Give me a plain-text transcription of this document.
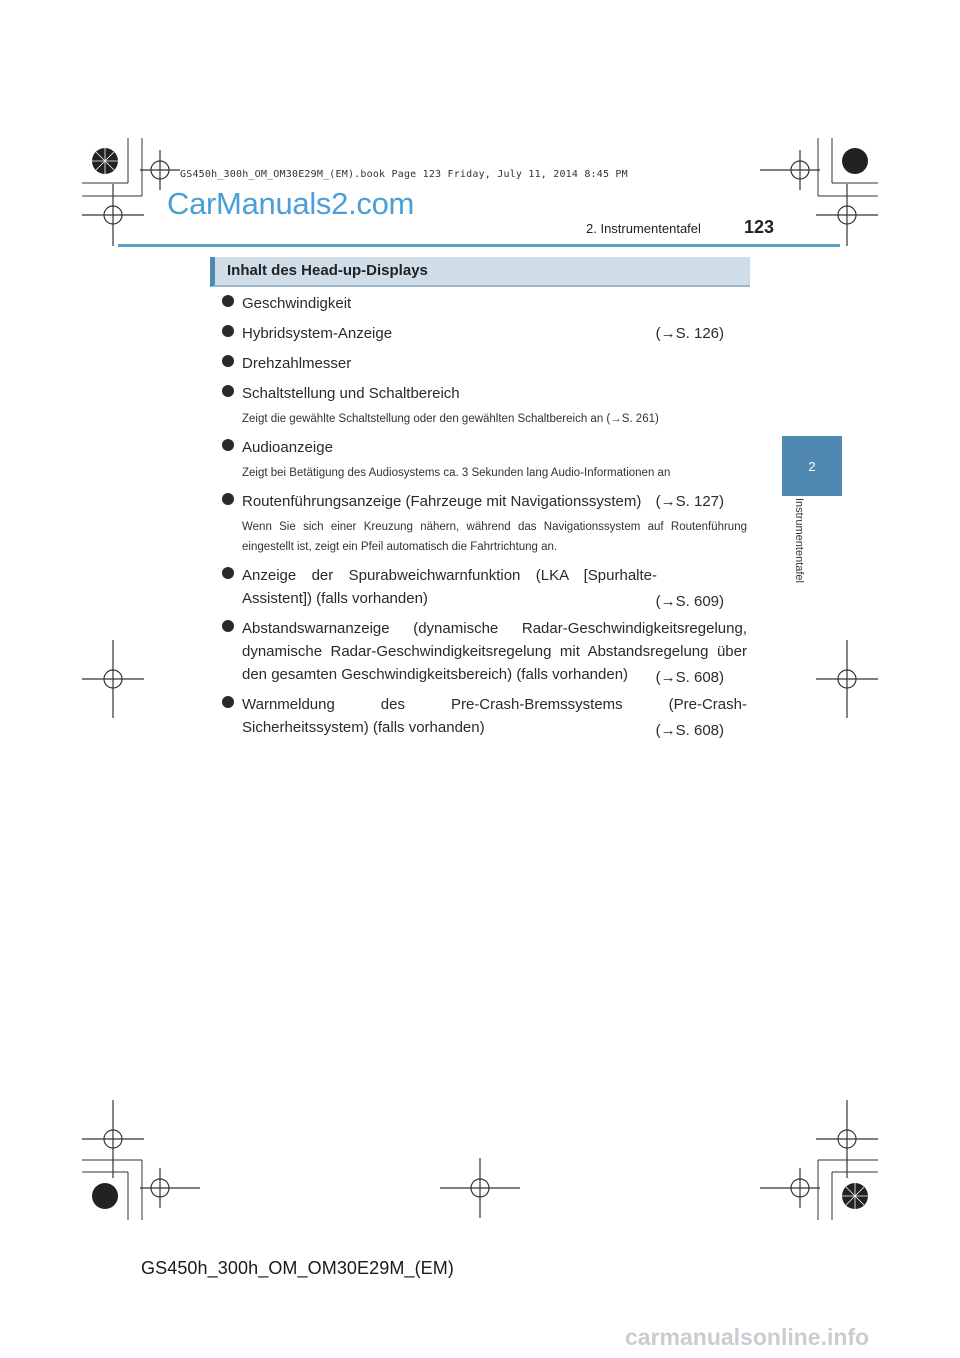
GS450h_300h_OM_OM30E29M_(EM).book Page 123 Friday, July 11, 2014 8:45 PM
CarManuals2.com
2. Instrumententafel 123
2
Instrumententafel
Inhalt des Head-up-Displays
Geschwindigkeit
Hybridsystem-Anzeige	(→S. 126)
Drehzahlmesser
Schaltstellung und Schaltbereich
Zeigt die gewählte Schaltstellung oder den gewählten Schaltbereich an (→S. 261)
Audioanzeige
Zeigt bei Betätigung des Audiosystems ca. 3 Sekunden lang Audio-Informationen an
Routenführungsanzeige (Fahrzeuge mit Navigationssystem) (→S. 127)
Wenn Sie sich einer Kreuzung nähern, während das Navigationssystem auf Routenführung eingestellt ist, zeigt ein Pfeil automatisch die Fahrtrichtung an.
Anzeige der Spurabweichwarnfunktion (LKA [Spurhalte-Assistent]) (falls vorhanden)	(→S. 609)
Abstandswarnanzeige (dynamische Radar-Geschwindigkeitsregelung, dynamische Radar-Geschwindigkeitsregelung mit Abstandsregelung über den gesamten Geschwindigkeitsbereich) (falls vorhanden)	(→S. 608)
Warnmeldung des Pre-Crash-Bremssystems (Pre-Crash-Sicherheitssystem) (falls vorhanden)	(→S. 608)
GS450h_300h_OM_OM30E29M_(EM)
carmanualsonline.info
